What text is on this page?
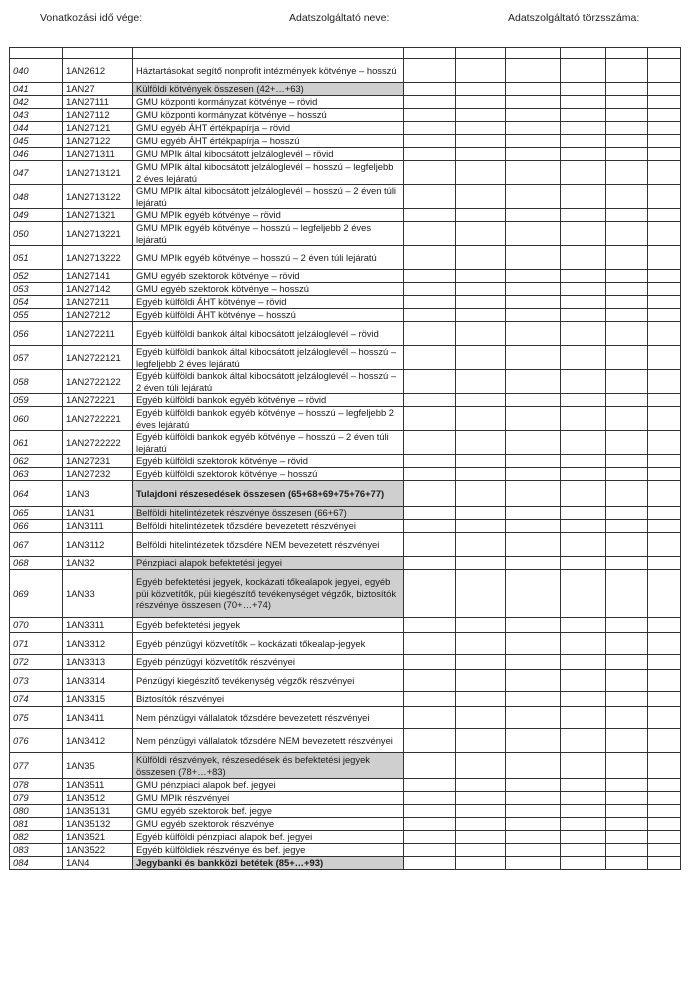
Vonatkozási idő vége:	Adatszolgáltató neve:	Adatszolgáltató törzsszáma:

040	1AN2612	Háztartásokat segítő nonprofit intézmények kötvénye – hosszú						
041	1AN27	Külföldi kötvények összesen (42+…+63)						
042	1AN27111	GMU központi kormányzat kötvénye – rövid						
043	1AN27112	GMU központi kormányzat kötvénye – hosszú						
044	1AN27121	GMU egyéb ÁHT értékpapírja – rövid						
045	1AN27122	GMU egyéb ÁHT értékpapírja – hosszú						
046	1AN271311	GMU MPIk által kibocsátott jelzáloglevél – rövid						
047	1AN2713121	GMU MPIk által kibocsátott jelzáloglevél – hosszú – legfeljebb 2 éves lejáratú						
048	1AN2713122	GMU MPIk által kibocsátott jelzáloglevél – hosszú – 2 éven túli lejáratú						
049	1AN271321	GMU MPIk egyéb kötvénye – rövid						
050	1AN2713221	GMU MPIk egyéb kötvénye – hosszú – legfeljebb 2 éves lejáratú						
051	1AN2713222	GMU MPIk egyéb kötvénye – hosszú – 2 éven túli lejáratú						
052	1AN27141	GMU egyéb szektorok kötvénye – rövid						
053	1AN27142	GMU egyéb szektorok kötvénye – hosszú						
054	1AN27211	Egyéb külföldi ÁHT kötvénye – rövid						
055	1AN27212	Egyéb külföldi ÁHT kötvénye – hosszú						
056	1AN272211	Egyéb külföldi bankok által kibocsátott jelzáloglevél – rövid						
057	1AN2722121	Egyéb külföldi bankok által kibocsátott jelzáloglevél – hosszú – legfeljebb 2 éves lejáratú						
058	1AN2722122	Egyéb külföldi bankok által kibocsátott jelzáloglevél – hosszú – 2 éven túli lejáratú						
059	1AN272221	Egyéb külföldi bankok egyéb kötvénye – rövid						
060	1AN2722221	Egyéb külföldi bankok egyéb kötvénye – hosszú – legfeljebb 2 éves lejáratú						
061	1AN2722222	Egyéb külföldi bankok egyéb kötvénye – hosszú – 2 éven túli lejáratú						
062	1AN27231	Egyéb külföldi szektorok kötvénye – rövid						
063	1AN27232	Egyéb külföldi szektorok kötvénye – hosszú						
064	1AN3	Tulajdoni részesedések összesen (65+68+69+75+76+77)						
065	1AN31	Belföldi hitelintézetek részvénye összesen (66+67)						
066	1AN3111	Belföldi hitelintézetek tőzsdére bevezetett részvényei						
067	1AN3112	Belföldi hitelintézetek tőzsdére NEM bevezetett részvényei						
068	1AN32	Pénzpiaci alapok befektetési jegyei						
069	1AN33	Egyéb befektetési jegyek, kockázati tőkealapok jegyei, egyéb püi közvetítők, püi kiegészítő tevékenységet végzők, biztosítók részvénye összesen (70+…+74)						
070	1AN3311	Egyéb befektetési jegyek						
071	1AN3312	Egyéb pénzügyi közvetítők – kockázati tőkealap-jegyek						
072	1AN3313	Egyéb pénzügyi közvetítők részvényei						
073	1AN3314	Pénzügyi kiegészítő tevékenység végzők részvényei						
074	1AN3315	Biztosítók részvényei						
075	1AN3411	Nem pénzügyi vállalatok tőzsdére bevezetett részvényei						
076	1AN3412	Nem pénzügyi vállalatok tőzsdére NEM bevezetett részvényei						
077	1AN35	Külföldi részvények, részesedések és befektetési jegyek összesen (78+…+83)						
078	1AN3511	GMU pénzpiaci alapok bef. jegyei						
079	1AN3512	GMU MPIk részvényei						
080	1AN35131	GMU egyéb szektorok bef. jegye						
081	1AN35132	GMU egyéb szektorok részvénye						
082	1AN3521	Egyéb külföldi pénzpiaci alapok bef. jegyei						
083	1AN3522	Egyéb külföldiek részvénye és bef. jegye						
084	1AN4	Jegybanki és bankközi betétek (85+…+93)						
